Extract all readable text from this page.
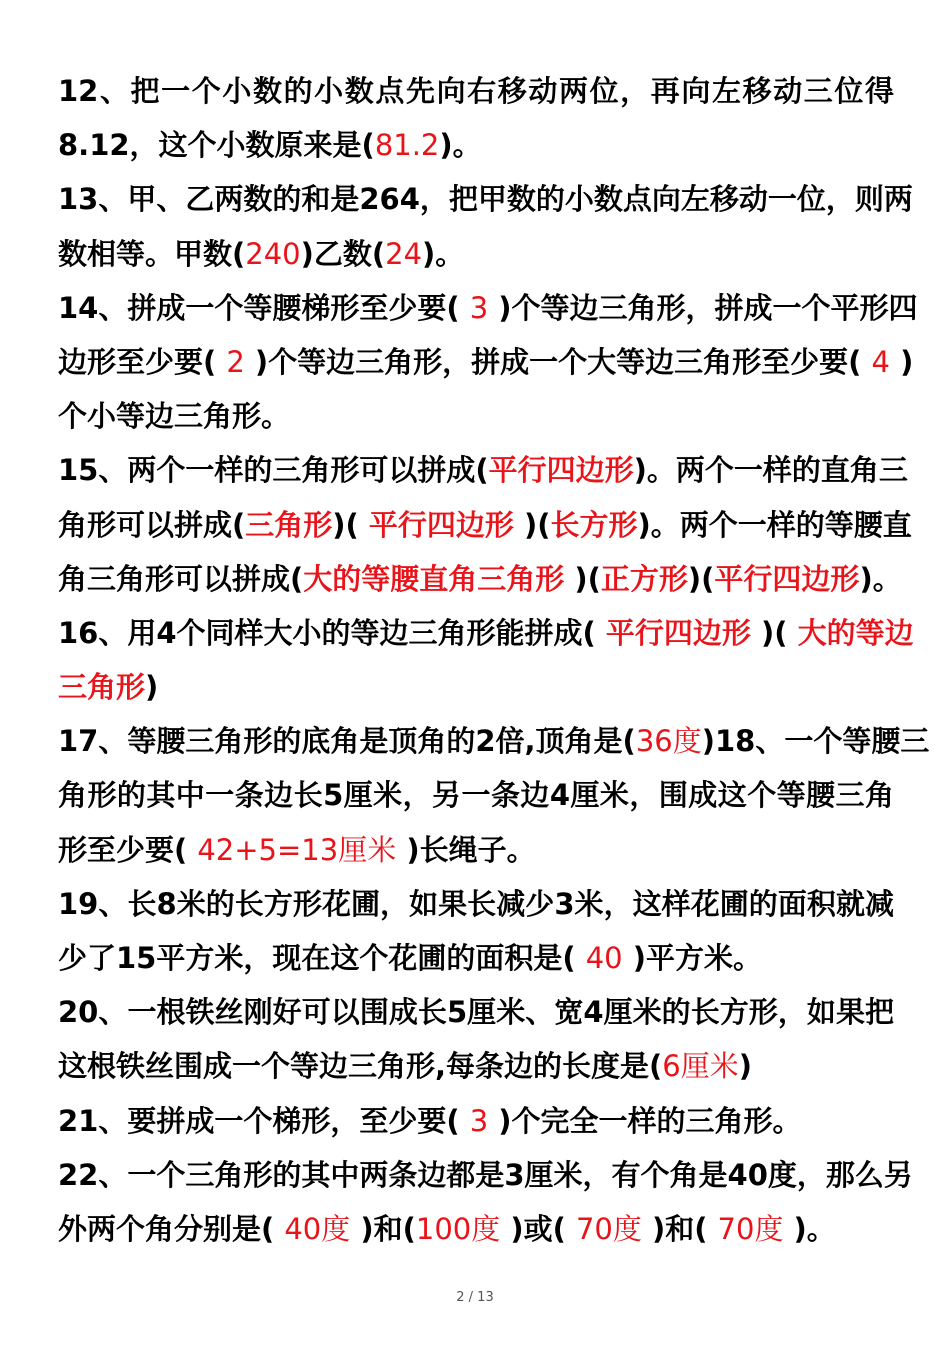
12、把一个小数的小数点先向右移动两位，再向左移动三位得
8.12，这个小数原来是(81.2)。
13、甲、乙两数的和是264，把甲数的小数点向左移动一位，则两
数相等。甲数(240)乙数(24)。
14、拼成一个等腰梯形至少要( 3 )个等边三角形，拼成一个平形四
边形至少要( 2 )个等边三角形，拼成一个大等边三角形至少要( 4 )
个小等边三角形。
15、两个一样的三角形可以拼成(平行四边形)。两个一样的直角三
角形可以拼成(三角形)( 平行四边形 )(长方形)。两个一样的等腰直
角三角形可以拼成(大的等腰直角三角形 )(正方形)(平行四边形)。
16、用4个同样大小的等边三角形能拼成( 平行四边形 )( 大的等边
三角形)
17、等腰三角形的底角是顶角的2倍,顶角是(36度)18、一个等腰三
角形的其中一条边长5厘米，另一条边4厘米，围成这个等腰三角
形至少要( 42+5=13厘米 )长绳子。
19、长8米的长方形花圃，如果长减少3米，这样花圃的面积就减
少了15平方米，现在这个花圃的面积是( 40 )平方米。
20、一根铁丝刚好可以围成长5厘米、宽4厘米的长方形，如果把
这根铁丝围成一个等边三角形,每条边的长度是(6厘米)
21、要拼成一个梯形，至少要( 3 )个完全一样的三角形。
22、一个三角形的其中两条边都是3厘米，有个角是40度，那么另
外两个角分别是( 40度 )和(100度 )或( 70度 )和( 70度 )。
2 / 13
